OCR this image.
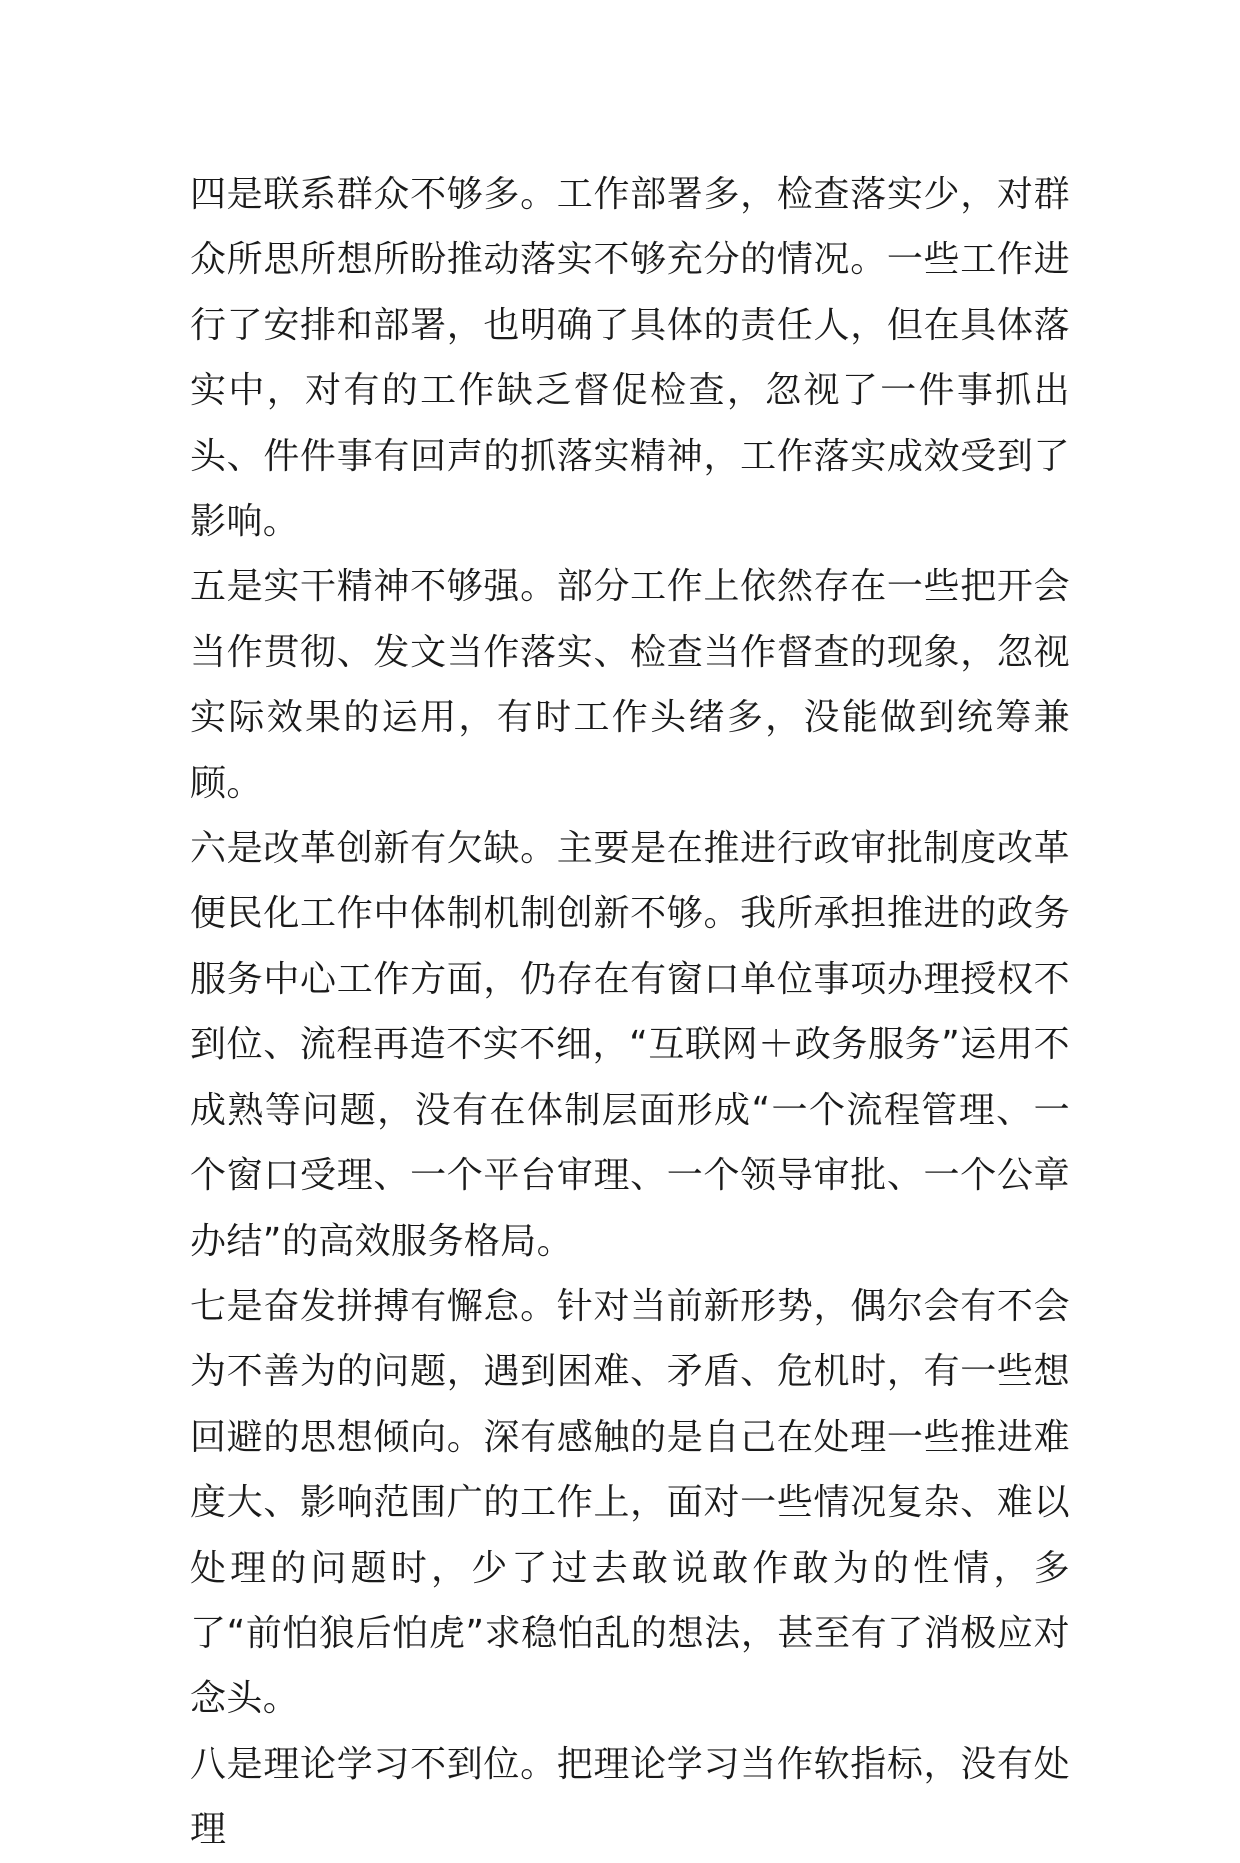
四是联系群众不够多。工作部署多，检查落实少，对群众所思所想所盼推动落实不够充分的情况。一些工作进行了安排和部署，也明确了具体的责任人，但在具体落实中，对有的工作缺乏督促检查，忽视了一件事抓出头、件件事有回声的抓落实精神，工作落实成效受到了影响。

五是实干精神不够强。部分工作上依然存在一些把开会当作贯彻、发文当作落实、检查当作督查的现象，忽视实际效果的运用，有时工作头绪多，没能做到统筹兼顾。

六是改革创新有欠缺。主要是在推进行政审批制度改革便民化工作中体制机制创新不够。我所承担推进的政务服务中心工作方面，仍存在有窗口单位事项办理授权不到位、流程再造不实不细，“互联网＋政务服务”运用不成熟等问题，没有在体制层面形成“一个流程管理、一个窗口受理、一个平台审理、一个领导审批、一个公章办结”的高效服务格局。

七是奋发拼搏有懈怠。针对当前新形势，偶尔会有不会为不善为的问题，遇到困难、矛盾、危机时，有一些想回避的思想倾向。深有感触的是自己在处理一些推进难度大、影响范围广的工作上，面对一些情况复杂、难以处理的问题时，少了过去敢说敢作敢为的性情，多了“前怕狼后怕虎”求稳怕乱的想法，甚至有了消极应对念头。

八是理论学习不到位。把理论学习当作软指标，没有处理
